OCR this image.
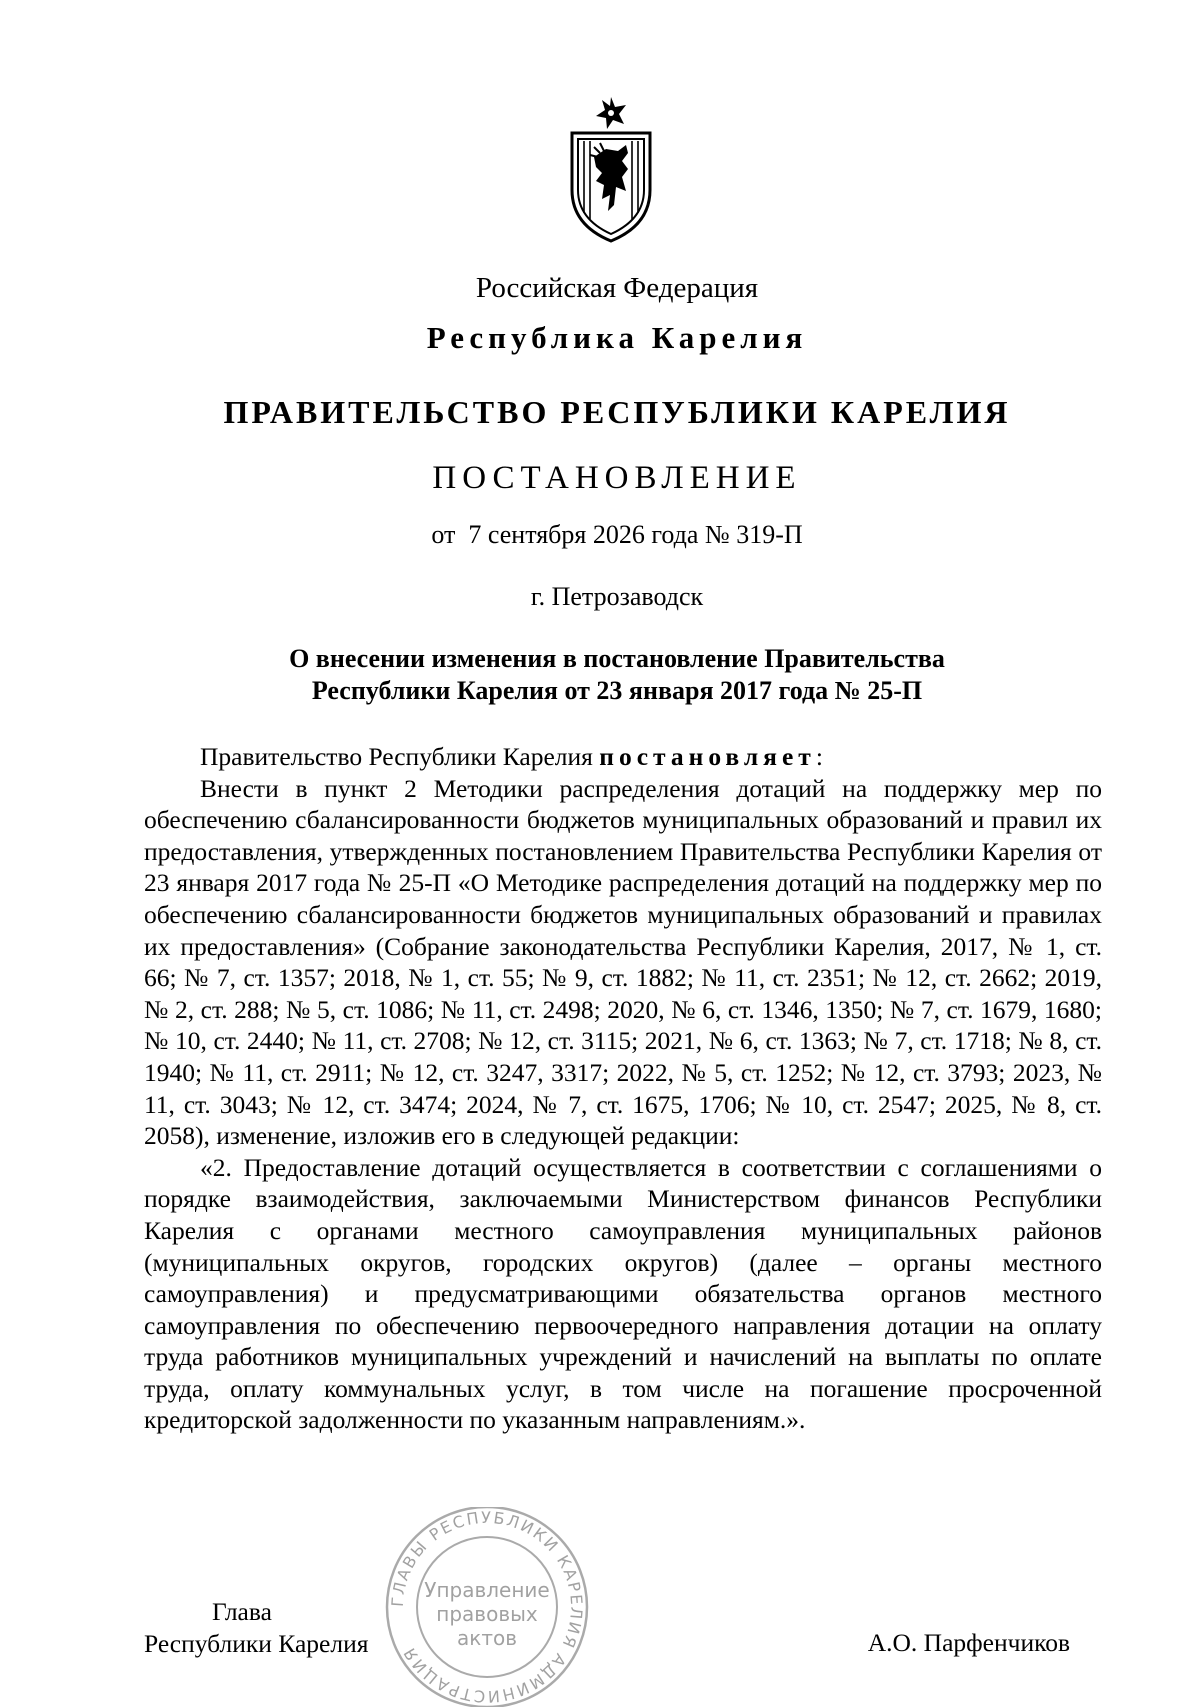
Российская Федерация
Республика Карелия
ПРАВИТЕЛЬСТВО РЕСПУБЛИКИ КАРЕЛИЯ
ПОСТАНОВЛЕНИЕ
от  7 сентября 2026 года № 319-П
г. Петрозаводск
О внесении изменения в постановление Правительства
Республики Карелия от 23 января 2017 года № 25-П

Правительство Республики Карелия постановляет:

Внести в пункт 2 Методики распределения дотаций на поддержку мер по обеспечению сбалансированности бюджетов муниципальных образований и правил их предоставления, утвержденных постановлением Правительства Республики Карелия от 23 января 2017 года № 25-П «О Методике распределения дотаций на поддержку мер по обеспечению сбалансированности бюджетов муниципальных образований и правилах их предоставления» (Собрание законодательства Республики Карелия, 2017, № 1, ст. 66; № 7, ст. 1357; 2018, № 1, ст. 55; № 9, ст. 1882; № 11, ст. 2351; № 12, ст. 2662; 2019, № 2, ст. 288; № 5, ст. 1086; № 11, ст. 2498; 2020, № 6, ст. 1346, 1350; № 7, ст. 1679, 1680; № 10, ст. 2440; № 11, ст. 2708; № 12, ст. 3115; 2021, № 6, ст. 1363; № 7, ст. 1718; № 8, ст. 1940; № 11, ст. 2911; № 12, ст. 3247, 3317; 2022, № 5, ст. 1252; № 12, ст. 3793; 2023, № 11, ст. 3043; № 12, ст. 3474; 2024, № 7, ст. 1675, 1706; № 10, ст. 2547; 2025, № 8, ст. 2058), изменение, изложив его в следующей редакции:

«2. Предоставление дотаций осуществляется в соответствии с соглашениями о порядке взаимодействия, заключаемыми Министерством финансов Республики Карелия с органами местного самоуправления муниципальных районов (муниципальных округов, городских округов) (далее – органы местного самоуправления) и предусматривающими обязательства органов местного самоуправления по обеспечению первоочередного направления дотации на оплату труда работников муниципальных учреждений и начислений на выплаты по оплате труда, оплату коммунальных услуг, в том числе на погашение просроченной кредиторской задолженности по указанным направлениям.».

Глава
Республики Карелия	А.О. Парфенчиков
ГЛАВЫ РЕСПУБЛИКИ КАРЕЛИЯ АДМИНИСТРАЦИЯ
Управление
правовых
актов
